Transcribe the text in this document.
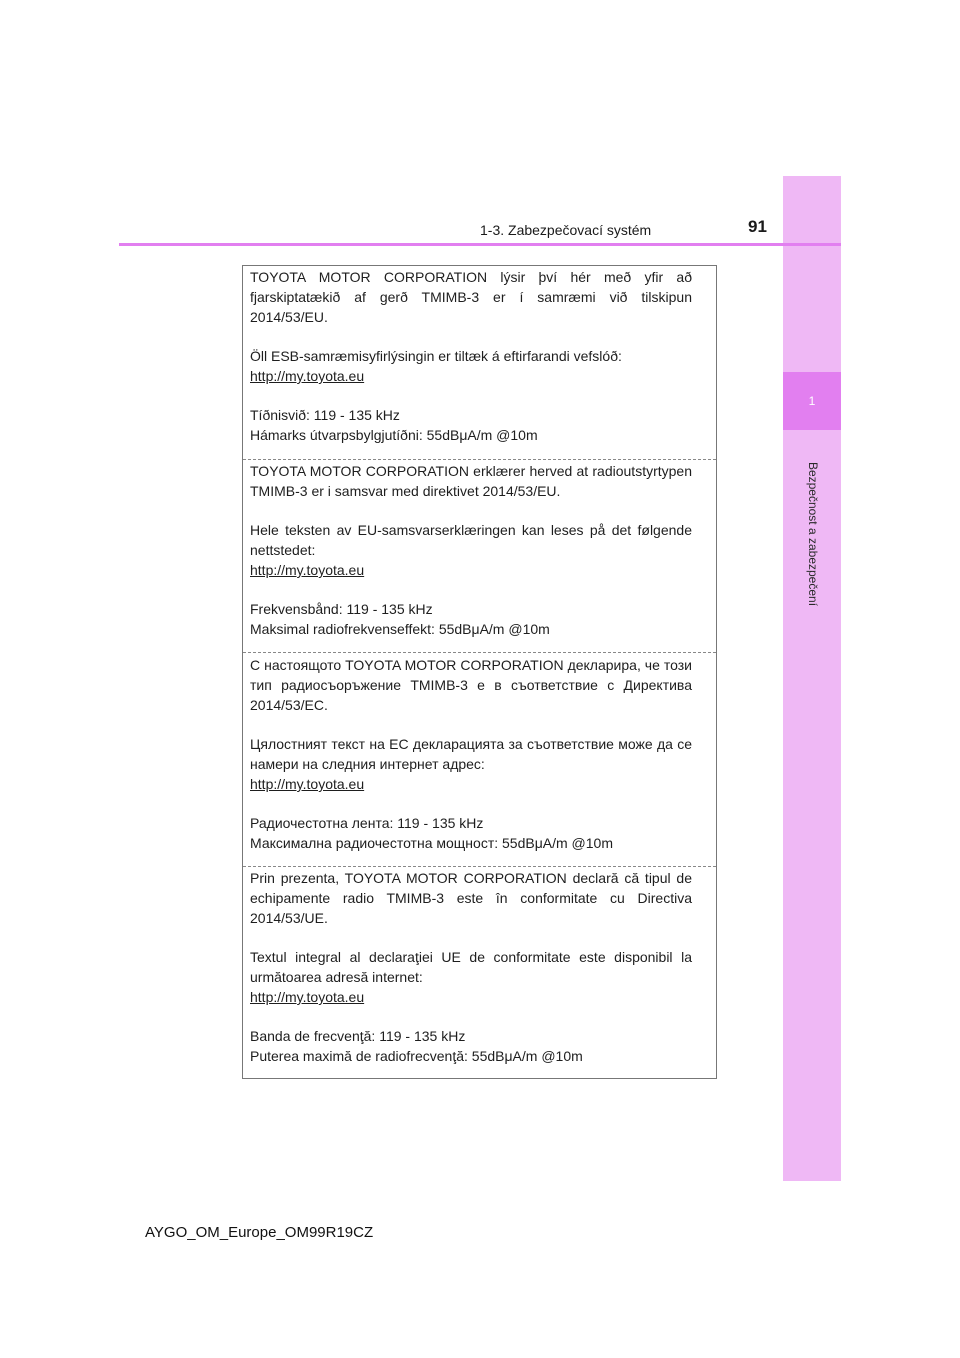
1
Bezpečnost a zabezpečení
1-3. Zabezpečovací systém	91

TOYOTA MOTOR CORPORATION lýsir því hér með yfir að fjarskiptatækið af gerð TMIMB-3 er í samræmi við tilskipun 2014/53/EU.

Öll ESB-samræmisyfirlýsingin er tiltæk á eftirfarandi vefslóð:

http://my.toyota.eu

Tíðnisvið: 119 - 135 kHz

Hámarks útvarpsbylgjutíðni: 55dBμA/m @10m

TOYOTA MOTOR CORPORATION erklærer herved at radioutstyrtypen TMIMB-3 er i samsvar med direktivet 2014/53/EU.

Hele teksten av EU-samsvarserklæringen kan leses på det følgende nettstedet:

http://my.toyota.eu

Frekvensbånd: 119 - 135 kHz

Maksimal radiofrekvenseffekt: 55dBμA/m @10m

С настоящото TOYOTA MOTOR CORPORATION декларира, че този тип радиосъоръжение TMIMB-3 е в съответствие с Директива 2014/53/ЕС.

Цялостният текст на ЕС декларацията за съответствие може да се намери на следния интернет адрес:

http://my.toyota.eu

Радиочестотна лента: 119 - 135 kHz

Максимална радиочестотна мощност: 55dBμA/m @10m

Prin prezenta, TOYOTA MOTOR CORPORATION declară că tipul de echipamente radio TMIMB-3 este în conformitate cu Directiva 2014/53/UE.

Textul integral al declaraţiei UE de conformitate este disponibil la următoarea adresă internet:

http://my.toyota.eu

Banda de frecvenţă: 119 - 135 kHz

Puterea maximă de radiofrecvenţă: 55dBμA/m @10m

AYGO_OM_Europe_OM99R19CZ
